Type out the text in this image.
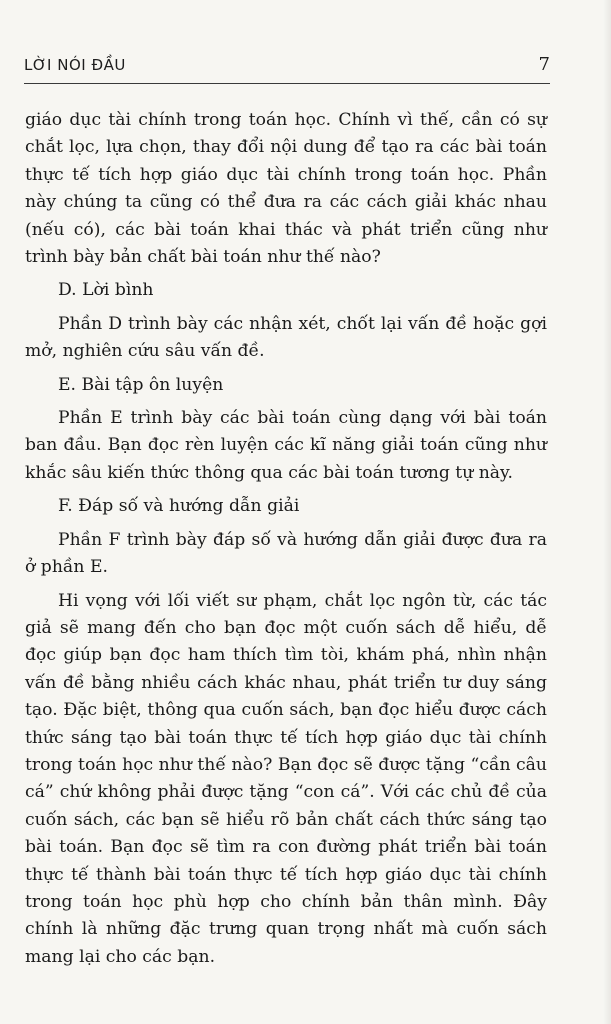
LỜI NÓI ĐẦU	7

giáo dục tài chính trong toán học. Chính vì thế, cần có sự chắt lọc, lựa chọn, thay đổi nội dung để tạo ra các bài toán thực tế tích hợp giáo dục tài chính trong toán học. Phần này chúng ta cũng có thể đưa ra các cách giải khác nhau (nếu có), các bài toán khai thác và phát triển cũng như trình bày bản chất bài toán như thế nào?

D. Lời bình

Phần D trình bày các nhận xét, chốt lại vấn đề hoặc gợi mở, nghiên cứu sâu vấn đề.

E. Bài tập ôn luyện

Phần E trình bày các bài toán cùng dạng với bài toán ban đầu. Bạn đọc rèn luyện các kĩ năng giải toán cũng như khắc sâu kiến thức thông qua các bài toán tương tự này.

F. Đáp số và hướng dẫn giải

Phần F trình bày đáp số và hướng dẫn giải được đưa ra ở phần E.

Hi vọng với lối viết sư phạm, chắt lọc ngôn từ, các tác giả sẽ mang đến cho bạn đọc một cuốn sách dễ hiểu, dễ đọc giúp bạn đọc ham thích tìm tòi, khám phá, nhìn nhận vấn đề bằng nhiều cách khác nhau, phát triển tư duy sáng tạo. Đặc biệt, thông qua cuốn sách, bạn đọc hiểu được cách thức sáng tạo bài toán thực tế tích hợp giáo dục tài chính trong toán học như thế nào? Bạn đọc sẽ được tặng “cần câu cá” chứ không phải được tặng “con cá”. Với các chủ đề của cuốn sách, các bạn sẽ hiểu rõ bản chất cách thức sáng tạo bài toán. Bạn đọc sẽ tìm ra con đường phát triển bài toán thực tế thành bài toán thực tế tích hợp giáo dục tài chính trong toán học phù hợp cho chính bản thân mình. Đây chính là những đặc trưng quan trọng nhất mà cuốn sách mang lại cho các bạn.
